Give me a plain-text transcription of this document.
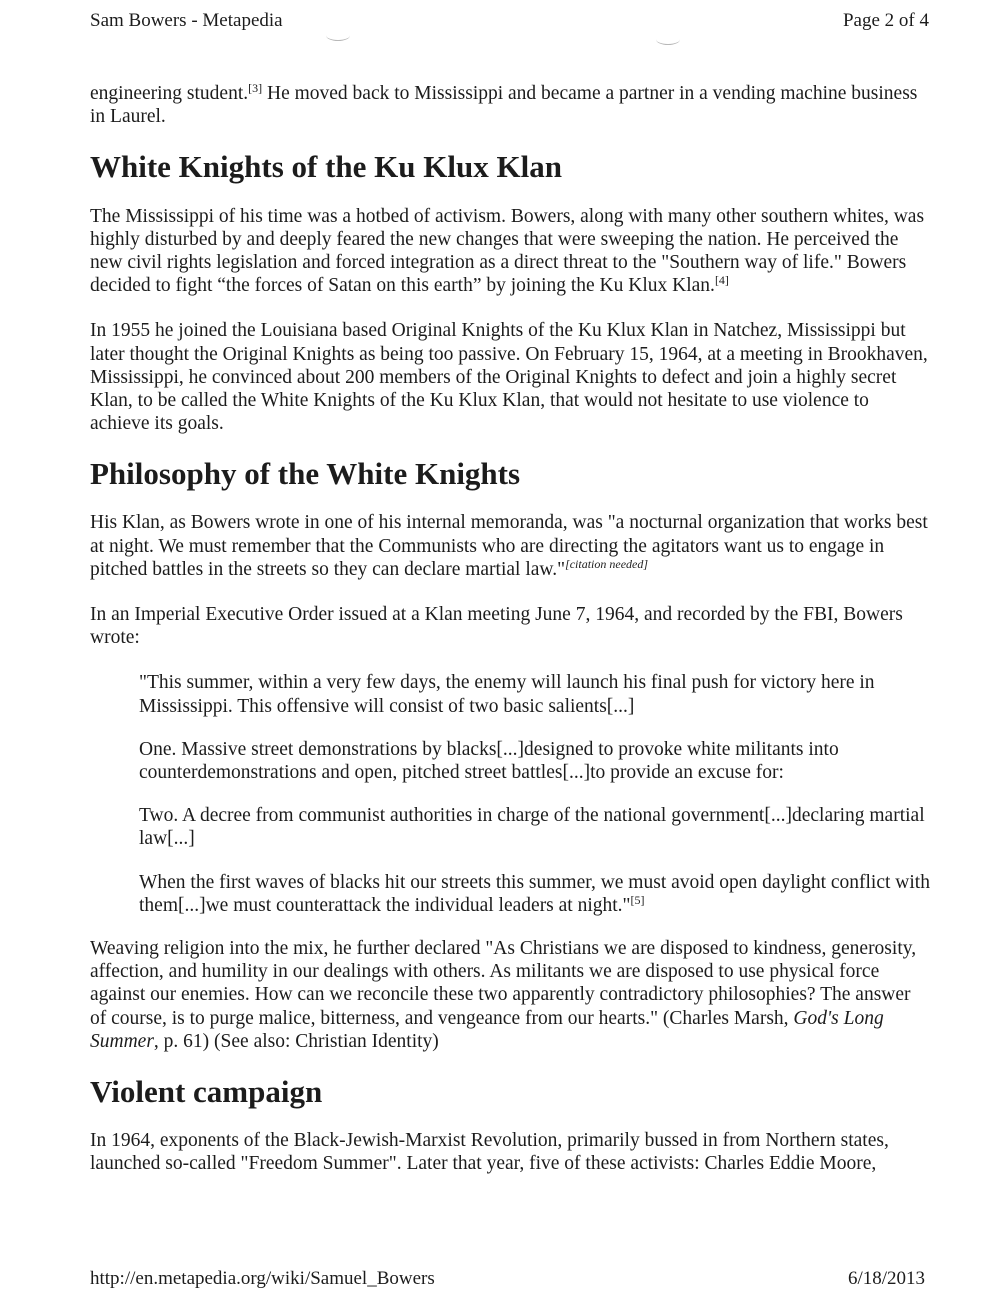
Sam Bowers - Metapedia	Page 2 of 4

engineering student.[3] He moved back to Mississippi and became a partner in a vending machine business in Laurel.

White Knights of the Ku Klux Klan

The Mississippi of his time was a hotbed of activism. Bowers, along with many other southern whites, was highly disturbed by and deeply feared the new changes that were sweeping the nation. He perceived the new civil rights legislation and forced integration as a direct threat to the "Southern way of life." Bowers decided to fight “the forces of Satan on this earth” by joining the Ku Klux Klan.[4]

In 1955 he joined the Louisiana based Original Knights of the Ku Klux Klan in Natchez, Mississippi but later thought the Original Knights as being too passive. On February 15, 1964, at a meeting in Brookhaven, Mississippi, he convinced about 200 members of the Original Knights to defect and join a highly secret Klan, to be called the White Knights of the Ku Klux Klan, that would not hesitate to use violence to achieve its goals.

Philosophy of the White Knights

His Klan, as Bowers wrote in one of his internal memoranda, was "a nocturnal organization that works best at night. We must remember that the Communists who are directing the agitators want us to engage in pitched battles in the streets so they can declare martial law."[citation needed]

In an Imperial Executive Order issued at a Klan meeting June 7, 1964, and recorded by the FBI, Bowers wrote:

"This summer, within a very few days, the enemy will launch his final push for victory here in Mississippi. This offensive will consist of two basic salients[...]

One. Massive street demonstrations by blacks[...]designed to provoke white militants into counterdemonstrations and open, pitched street battles[...]to provide an excuse for:

Two. A decree from communist authorities in charge of the national government[...]declaring martial law[...]

When the first waves of blacks hit our streets this summer, we must avoid open daylight conflict with them[...]we must counterattack the individual leaders at night."[5]

Weaving religion into the mix, he further declared "As Christians we are disposed to kindness, generosity, affection, and humility in our dealings with others. As militants we are disposed to use physical force against our enemies. How can we reconcile these two apparently contradictory philosophies? The answer of course, is to purge malice, bitterness, and vengeance from our hearts." (Charles Marsh, God's Long Summer, p. 61) (See also: Christian Identity)

Violent campaign

In 1964, exponents of the Black-Jewish-Marxist Revolution, primarily bussed in from Northern states, launched so-called "Freedom Summer". Later that year, five of these activists: Charles Eddie Moore,

http://en.metapedia.org/wiki/Samuel_Bowers	6/18/2013
